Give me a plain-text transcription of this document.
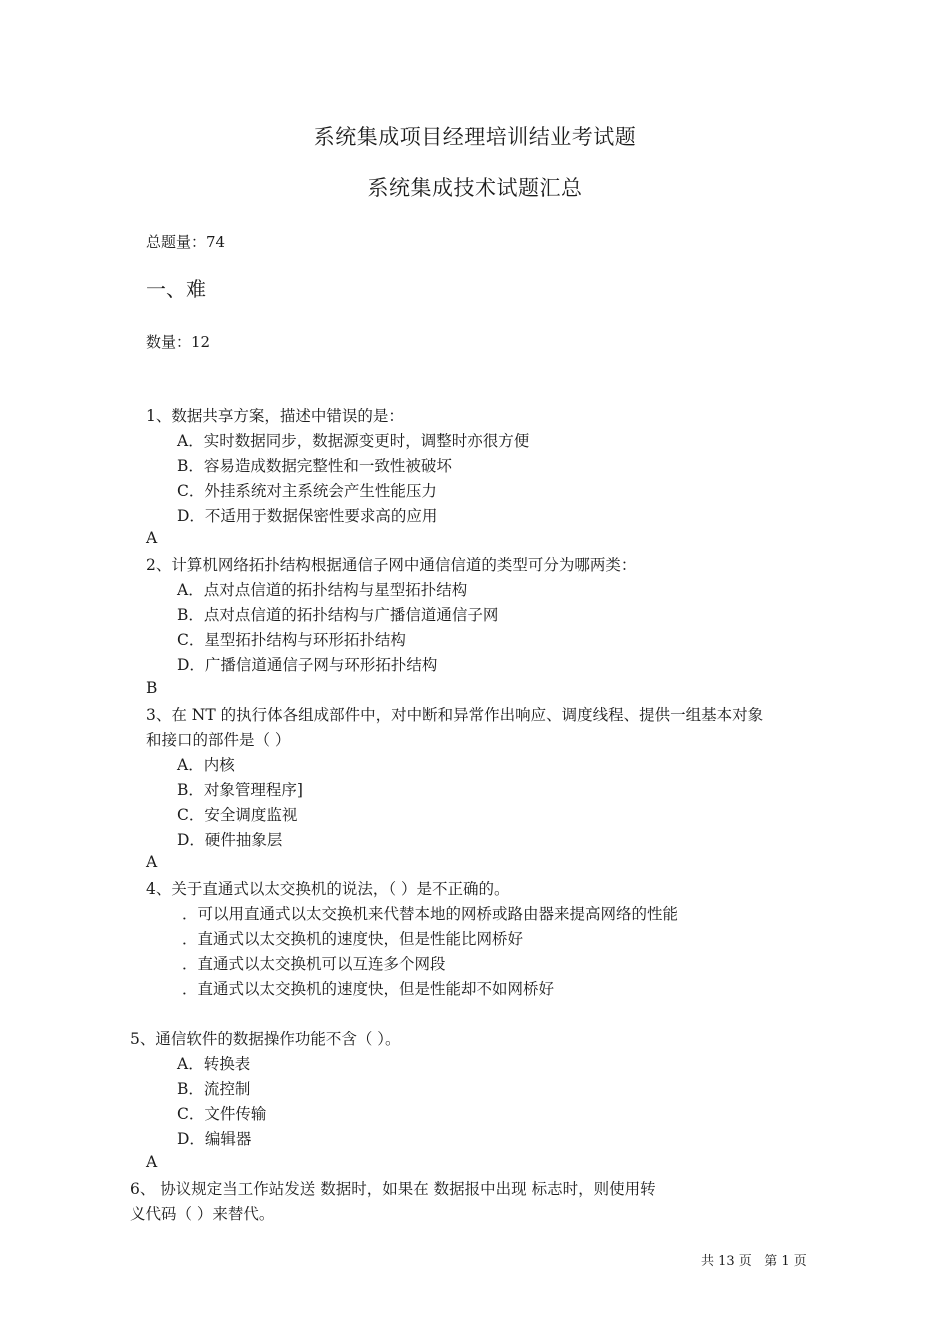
系统集成项目经理培训结业考试题
系统集成技术试题汇总
总题量：74
一、难
数量：12
1、数据共享方案，描述中错误的是：
A．实时数据同步，数据源变更时，调整时亦很方便
B．容易造成数据完整性和一致性被破坏
C．外挂系统对主系统会产生性能压力
D．不适用于数据保密性要求高的应用
A
2、计算机网络拓扑结构根据通信子网中通信信道的类型可分为哪两类：
A．点对点信道的拓扑结构与星型拓扑结构
B．点对点信道的拓扑结构与广播信道通信子网
C．星型拓扑结构与环形拓扑结构
D．广播信道通信子网与环形拓扑结构
B
3、在 NT 的执行体各组成部件中，对中断和异常作出响应、调度线程、提供一组基本对象
和接口的部件是（ ）
A．内核
B．对象管理程序]
C．安全调度监视
D．硬件抽象层
A
4、关于直通式以太交换机的说法，（ ）是不正确的。
．可以用直通式以太交换机来代替本地的网桥或路由器来提高网络的性能
．直通式以太交换机的速度快，但是性能比网桥好
．直通式以太交换机可以互连多个网段
．直通式以太交换机的速度快，但是性能却不如网桥好
5、通信软件的数据操作功能不含（ ）。
A．转换表
B．流控制
C．文件传输
D．编辑器
A
6、 协议规定当工作站发送 数据时，如果在 数据报中出现 标志时，则使用转
义代码（ ）来替代。
共 13 页 第 1 页
